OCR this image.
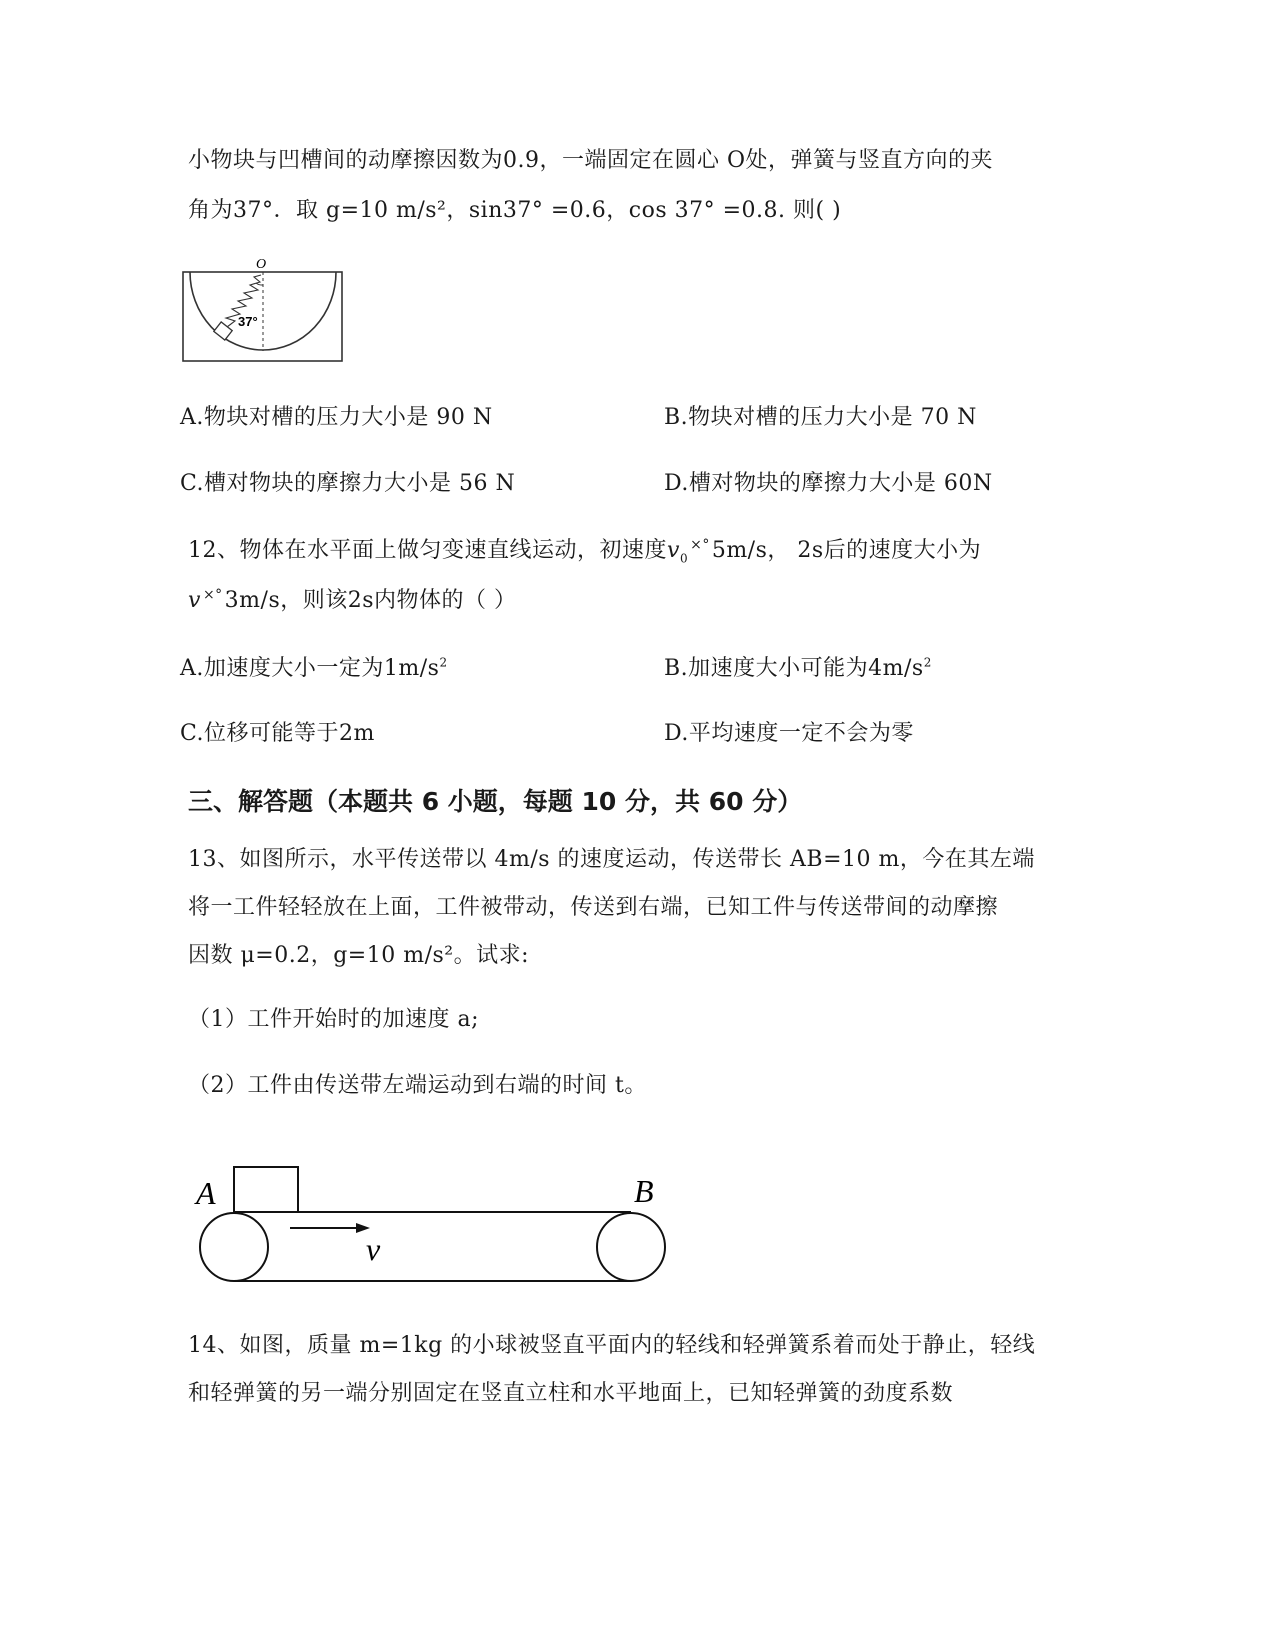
小物块与凹槽间的动摩擦因数为0.9，一端固定在圆心 O处，弹簧与竖直方向的夹
角为37°．取 g=10 m/s²，sin37° =0.6，cos 37° =0.8. 则( )
O
37°
A.物块对槽的压力大小是 90 N	B.物块对槽的压力大小是 70 N
C.槽对物块的摩擦力大小是 56 N	D.槽对物块的摩擦力大小是 60N
12、物体在水平面上做匀变速直线运动，初速度$v_0^{\times^\circ}5m/s$， 2s后的速度大小为
v ×°3m/s，则该2s内物体的（ ）
A.加速度大小一定为$1m/s^2$	B.加速度大小可能为$4m/s^2$
C.位移可能等于2m	D.平均速度一定不会为零
三、解答题（本题共 6 小题，每题 10 分，共 60 分）
13、如图所示，水平传送带以 4m/s 的速度运动，传送带长 AB=10 m，今在其左端
将一工件轻轻放在上面，工件被带动，传送到右端，已知工件与传送带间的动摩擦
因数 μ=0.2，g=10 m/s²。试求:
（1）工件开始时的加速度 a;
（2）工件由传送带左端运动到右端的时间 t。
A	B
v
14、如图，质量 m=1kg 的小球被竖直平面内的轻线和轻弹簧系着而处于静止，轻线
和轻弹簧的另一端分别固定在竖直立柱和水平地面上，已知轻弹簧的劲度系数
